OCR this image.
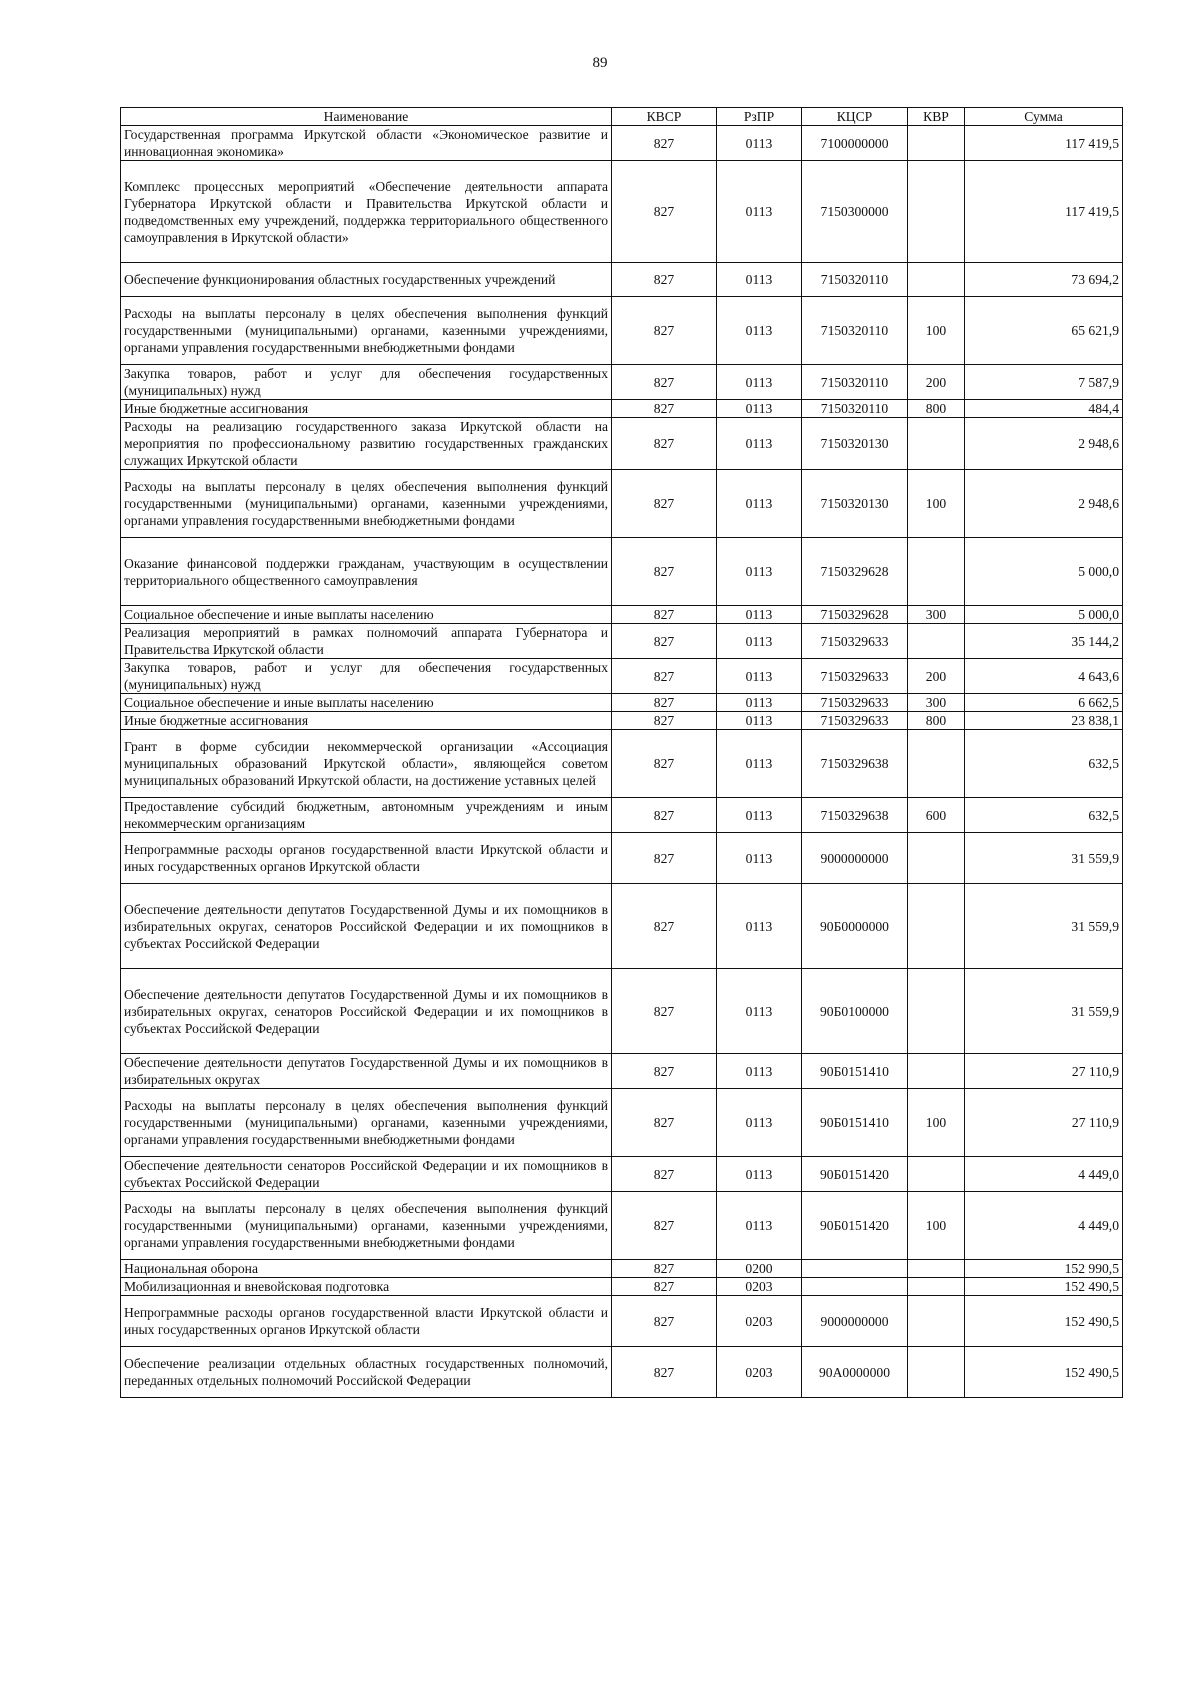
89
Наименование	КВСР	РзПР	КЦСР	КВР	Сумма
Государственная программа Иркутской области «Экономическое развитие и инновационная экономика»	827	0113	7100000000		117 419,5
Комплекс процессных мероприятий «Обеспечение деятельности аппарата Губернатора Иркутской области и Правительства Иркутской области и подведомственных ему учреждений, поддержка территориального общественного самоуправления в Иркутской области»	827	0113	7150300000		117 419,5
Обеспечение функционирования областных государственных учреждений	827	0113	7150320110		73 694,2
Расходы на выплаты персоналу в целях обеспечения выполнения функций государственными (муниципальными) органами, казенными учреждениями, органами управления государственными внебюджетными фондами	827	0113	7150320110	100	65 621,9
Закупка товаров, работ и услуг для обеспечения государственных (муниципальных) нужд	827	0113	7150320110	200	7 587,9
Иные бюджетные ассигнования	827	0113	7150320110	800	484,4
Расходы на реализацию государственного заказа Иркутской области на мероприятия по профессиональному развитию государственных гражданских служащих Иркутской области	827	0113	7150320130		2 948,6
Расходы на выплаты персоналу в целях обеспечения выполнения функций государственными (муниципальными) органами, казенными учреждениями, органами управления государственными внебюджетными фондами	827	0113	7150320130	100	2 948,6
Оказание финансовой поддержки гражданам, участвующим в осуществлении территориального общественного самоуправления	827	0113	7150329628		5 000,0
Социальное обеспечение и иные выплаты населению	827	0113	7150329628	300	5 000,0
Реализация мероприятий в рамках полномочий аппарата Губернатора и Правительства Иркутской области	827	0113	7150329633		35 144,2
Закупка товаров, работ и услуг для обеспечения государственных (муниципальных) нужд	827	0113	7150329633	200	4 643,6
Социальное обеспечение и иные выплаты населению	827	0113	7150329633	300	6 662,5
Иные бюджетные ассигнования	827	0113	7150329633	800	23 838,1
Грант в форме субсидии некоммерческой организации «Ассоциация муниципальных образований Иркутской области», являющейся советом муниципальных образований Иркутской области, на достижение уставных целей	827	0113	7150329638		632,5
Предоставление субсидий бюджетным, автономным учреждениям и иным некоммерческим организациям	827	0113	7150329638	600	632,5
Непрограммные расходы органов государственной власти Иркутской области и иных государственных органов Иркутской области	827	0113	9000000000		31 559,9
Обеспечение деятельности депутатов Государственной Думы и их помощников в избирательных округах, сенаторов Российской Федерации и их помощников в субъектах Российской Федерации	827	0113	90Б0000000		31 559,9
Обеспечение деятельности депутатов Государственной Думы и их помощников в избирательных округах, сенаторов Российской Федерации и их помощников в субъектах Российской Федерации	827	0113	90Б0100000		31 559,9
Обеспечение деятельности депутатов Государственной Думы и их помощников в избирательных округах	827	0113	90Б0151410		27 110,9
Расходы на выплаты персоналу в целях обеспечения выполнения функций государственными (муниципальными) органами, казенными учреждениями, органами управления государственными внебюджетными фондами	827	0113	90Б0151410	100	27 110,9
Обеспечение деятельности сенаторов Российской Федерации и их помощников в субъектах Российской Федерации	827	0113	90Б0151420		4 449,0
Расходы на выплаты персоналу в целях обеспечения выполнения функций государственными (муниципальными) органами, казенными учреждениями, органами управления государственными внебюджетными фондами	827	0113	90Б0151420	100	4 449,0
Национальная оборона	827	0200			152 990,5
Мобилизационная и вневойсковая подготовка	827	0203			152 490,5
Непрограммные расходы органов государственной власти Иркутской области и иных государственных органов Иркутской области	827	0203	9000000000		152 490,5
Обеспечение реализации отдельных областных государственных полномочий, переданных отдельных полномочий Российской Федерации	827	0203	90А0000000		152 490,5
